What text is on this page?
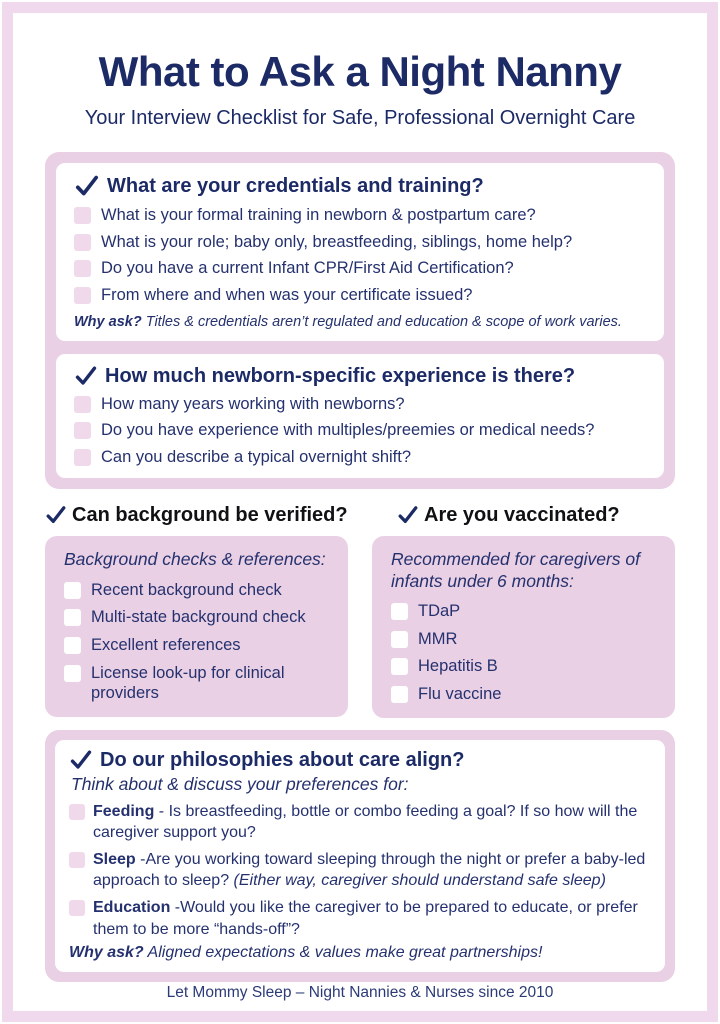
What to Ask a Night Nanny

Your Interview Checklist for Safe, Professional Overnight Care

What are your credentials and training?
What is your formal training in newborn & postpartum care?
What is your role; baby only, breastfeeding, siblings, home help?
Do you have a current Infant CPR/First Aid Certification?
From where and when was your certificate issued?

Why ask? Titles & credentials aren’t regulated and education & scope of work varies.

How much newborn-specific experience is there?
How many years working with newborns?
Do you have experience with multiples/preemies or medical needs?
Can you describe a typical overnight shift?
Can background be verified?

Background checks & references:

Recent background check
Multi-state background check
Excellent references
License look-up for clinical providers
Are you vaccinated?

Recommended for caregivers of infants under 6 months:

TDaP
MMR
Hepatitis B
Flu vaccine
Do our philosophies about care align?

Think about & discuss your preferences for:

Feeding - Is breastfeeding, bottle or combo feeding a goal? If so how will the caregiver support you?

Sleep -Are you working toward sleeping through the night or prefer a baby-led approach to sleep? (Either way, caregiver should understand safe sleep)

Education -Would you like the caregiver to be prepared to educate, or prefer them to be more “hands-off”?

Why ask? Aligned expectations & values make great partnerships!

Let Mommy Sleep – Night Nannies & Nurses since 2010
